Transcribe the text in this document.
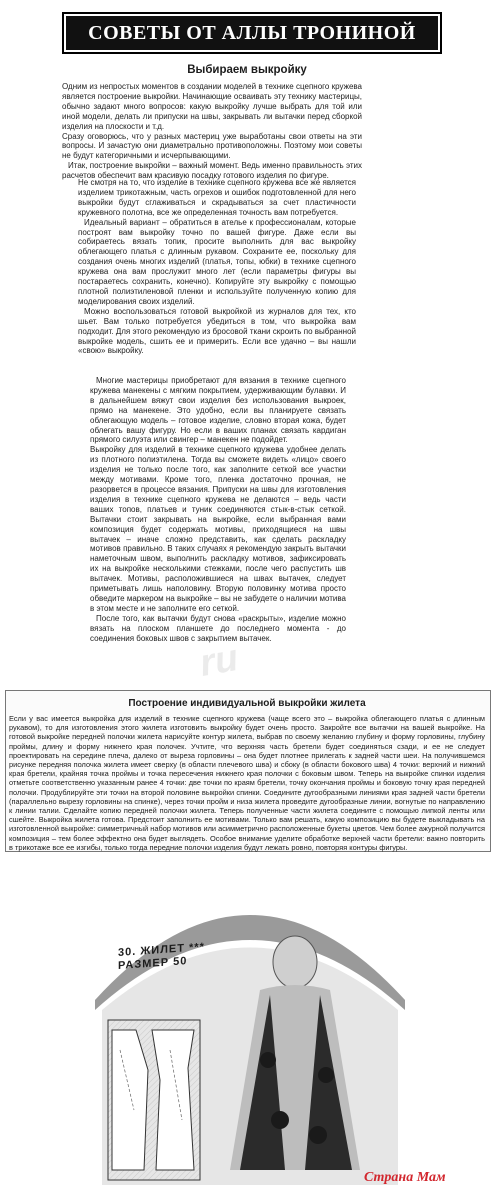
СОВЕТЫ ОТ АЛЛЫ ТРОНИНОЙ
Выбираем выкройку

Одним из непростых моментов в создании моделей в технике сцепного кружева является построение выкройки. Начинающие осваивать эту технику мастерицы, обычно задают много вопросов: какую выкройку лучше выбрать для той или иной модели, делать ли припуски на швы, закрывать ли вытачки перед сборкой изделия на плоскости и т.д.

Сразу оговорюсь, что у разных мастериц уже выработаны свои ответы на эти вопросы. И зачастую они диаметрально противоположны. Поэтому мои советы не будут категоричными и исчерпывающими.

Итак, построение выкройки – важный момент. Ведь именно правильность этих расчетов обеспечит вам красивую посадку готового изделия по фигуре.

Не смотря на то, что изделие в технике сцепного кружева все же является изделием трикотажным, часть огрехов и ошибок подготовленной для него выкройки будут сглаживаться и скрадываться за счет пластичности кружевного полотна, все же определенная точность вам потребуется.

Идеальный вариант – обратиться в ателье к профессионалам, которые построят вам выкройку точно по вашей фигуре. Даже если вы собираетесь вязать топик, просите выполнить для вас выкройку облегающего платья с длинным рукавом. Сохраните ее, поскольку для создания очень многих изделий (платья, топы, юбки) в технике сцепного кружева она вам прослужит много лет (если параметры фигуры вы постараетесь сохранить, конечно). Копируйте эту выкройку с помощью плотной полиэтиленовой пленки и используйте полученную копию для моделирования своих изделий.

Можно воспользоваться готовой выкройкой из журналов для тех, кто шьет. Вам только потребуется убедиться в том, что выкройка вам подходит. Для этого рекомендую из бросовой ткани скроить по выбранной выкройке модель, сшить ее и примерить. Если все удачно – вы нашли «свою» выкройку.

Многие мастерицы приобретают для вязания в технике сцепного кружева манекены с мягким покрытием, удерживающим булавки. И в дальнейшем вяжут свои изделия без использования выкроек, прямо на манекене. Это удобно, если вы планируете связать облегающую модель – готовое изделие, словно вторая кожа, будет облегать вашу фигуру. Но если в ваших планах связать кардиган прямого силуэта или свингер – манекен не подойдет.

Выкройку для изделий в технике сцепного кружева удобнее делать из плотного полиэтилена. Тогда вы сможете видеть «лицо» своего изделия не только после того, как заполните сеткой все участки между мотивами. Кроме того, пленка достаточно прочная, не разорвется в процессе вязания. Припуски на швы для изготовления изделия в технике сцепного кружева не делаются – ведь части ваших топов, платьев и туник соединяются стык-в-стык сеткой. Вытачки стоит закрывать на выкройке, если выбранная вами композиция будет содержать мотивы, приходящиеся на швы вытачек – иначе сложно представить, как сделать раскладку мотивов правильно. В таких случаях я рекомендую закрыть вытачки наметочным швом, выполнить раскладку мотивов, зафиксировать их на выкройке несколькими стежками, после чего распустить шв вытачек. Мотивы, расположившиеся на швах вытачек, следует приметывать лишь наполовину. Вторую половинку мотива просто обведите маркером на выкройке – вы не забудете о наличии мотива в этом месте и не заполните его сеткой.

После того, как вытачки будут снова «раскрыты», изделие можно вязать на плоском планшете до последнего момента - до соединения боковых швов с закрытием вытачек.

ru
Построение индивидуальной выкройки жилета

Если у вас имеется выкройка для изделий в технике сцепного кружева (чаще всего это – выкройка облегающего платья с длинным рукавом), то для изготовления этого жилета изготовить выкройку будет очень просто. Закройте все вытачки на вашей выкройке. На готовой выкройке передней полочки жилета нарисуйте контур жилета, выбрав по своему желанию глубину и форму горловины, глубину проймы, длину и форму нижнего края полочек. Учтите, что верхняя часть бретели будет соединяться сзади, и ее не следует проектировать на середине плеча, далеко от выреза горловины – она будет плотнее прилегать к задней части шеи. На получившемся рисунке передняя полочка жилета имеет сверху (в области плечевого шва) и сбоку (в области бокового шва) 4 точки: верхний и нижний края бретели, крайняя точка проймы и точка пересечения нижнего края полочки с боковым швом. Теперь на выкройке спинки изделия отметьте соответственно указанным ранее 4 точки: две точки по краям бретели, точку окончания проймы и боковую точку края передней полочки. Продублируйте эти точки на второй половине выкройки спинки. Соедините дугообразными линиями края задней части бретели (параллельно вырезу горловины на спинке), через точки пройм и низа жилета проведите дугообразные линии, вогнутые по направлению к линии талии. Сделайте копию передней полочки жилета. Теперь полученные части жилета соедините с помощью липкой ленты или сшейте. Выкройка жилета готова. Предстоит заполнить ее мотивами. Только вам решать, какую композицию вы будете выкладывать на изготовленной выкройке: симметричный набор мотивов или асимметрично расположенные букеты цветов. Чем более ажурной получится композиция – тем более эффектно она будет выглядеть. Особое внимание уделите обработке верхней части бретели: важно повторить в трикотаже все ее изгибы, только тогда передние полочки изделия будут лежать ровно, повторяя контуры фигуры.

30. ЖИЛЕТ ***
РАЗМЕР 50
Страна Мам
